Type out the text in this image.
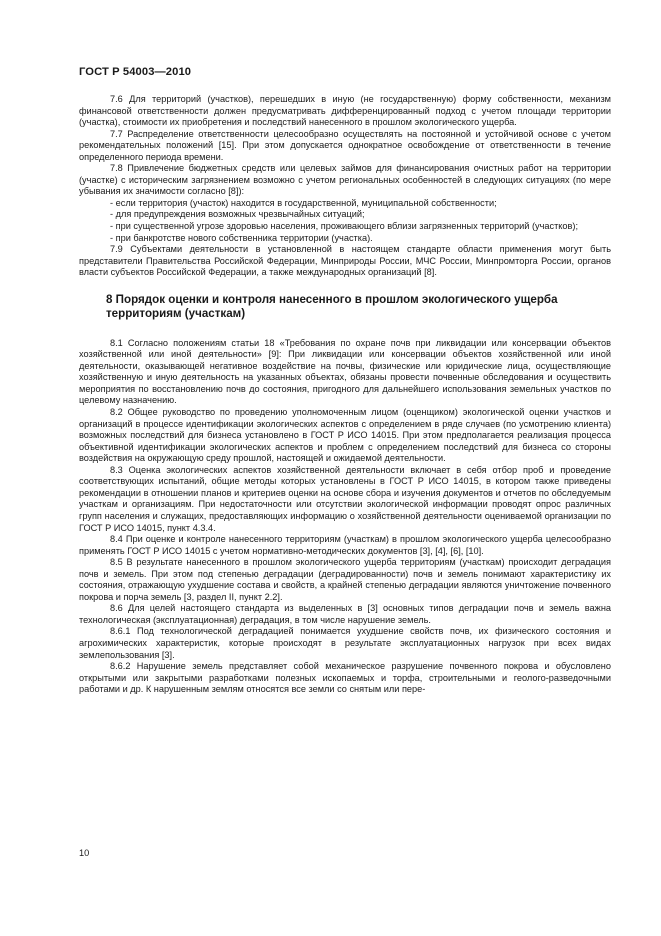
ГОСТ Р 54003—2010

7.6 Для территорий (участков), перешедших в иную (не государственную) форму собственности, механизм финансовой ответственности должен предусматривать дифференцированный подход с учетом площади территории (участка), стоимости их приобретения и последствий нанесенного в прошлом экологического ущерба.

7.7 Распределение ответственности целесообразно осуществлять на постоянной и устойчивой основе с учетом рекомендательных положений [15]. При этом допускается однократное освобождение от ответственности в течение определенного периода времени.

7.8 Привлечение бюджетных средств или целевых займов для финансирования очистных работ на территории (участке) с историческим загрязнением возможно с учетом региональных особенностей в следующих ситуациях (по мере убывания их значимости согласно [8]):

- если территория (участок) находится в государственной, муниципальной собственности;

- для предупреждения возможных чрезвычайных ситуаций;

- при существенной угрозе здоровью населения, проживающего вблизи загрязненных территорий (участков);

- при банкротстве нового собственника территории (участка).

7.9 Субъектами деятельности в установленной в настоящем стандарте области применения могут быть представители Правительства Российской Федерации, Минприроды России, МЧС России, Минпромторга России, органов власти субъектов Российской Федерации, а также международных организаций [8].

8 Порядок оценки и контроля нанесенного в прошлом экологического ущерба территориям (участкам)

8.1 Согласно положениям статьи 18 «Требования по охране почв при ликвидации или консервации объектов хозяйственной или иной деятельности» [9]: При ликвидации или консервации объектов хозяйственной или иной деятельности, оказывающей негативное воздействие на почвы, физические или юридические лица, осуществляющие хозяйственную и иную деятельность на указанных объектах, обязаны провести почвенные обследования и осуществить мероприятия по восстановлению почв до состояния, пригодного для дальнейшего использования земельных участков по целевому назначению.

8.2 Общее руководство по проведению уполномоченным лицом (оценщиком) экологической оценки участков и организаций в процессе идентификации экологических аспектов с определением в ряде случаев (по усмотрению клиента) возможных последствий для бизнеса установлено в ГОСТ Р ИСО 14015. При этом предполагается реализация процесса объективной идентификации экологических аспектов и проблем с определением последствий для бизнеса со стороны воздействия на окружающую среду прошлой, настоящей и ожидаемой деятельности.

8.3 Оценка экологических аспектов хозяйственной деятельности включает в себя отбор проб и проведение соответствующих испытаний, общие методы которых установлены в ГОСТ Р ИСО 14015, в котором также приведены рекомендации в отношении планов и критериев оценки на основе сбора и изучения документов и отчетов по обследуемым участкам и организациям. При недостаточности или отсутствии экологической информации проводят опрос различных групп населения и служащих, предоставляющих информацию о хозяйственной деятельности оцениваемой организации по ГОСТ Р ИСО 14015, пункт 4.3.4.

8.4 При оценке и контроле нанесенного территориям (участкам) в прошлом экологического ущерба целесообразно применять ГОСТ Р ИСО 14015 с учетом нормативно-методических документов [3], [4], [6], [10].

8.5 В результате нанесенного в прошлом экологического ущерба территориям (участкам) происходит деградация почв и земель. При этом под степенью деградации (деградированности) почв и земель понимают характеристику их состояния, отражающую ухудшение состава и свойств, а крайней степенью деградации являются уничтожение почвенного покрова и порча земель [3, раздел II, пункт 2.2].

8.6 Для целей настоящего стандарта из выделенных в [3] основных типов деградации почв и земель важна технологическая (эксплуатационная) деградация, в том числе нарушение земель.

8.6.1 Под технологической деградацией понимается ухудшение свойств почв, их физического состояния и агрохимических характеристик, которые происходят в результате эксплуатационных нагрузок при всех видах землепользования [3].

8.6.2 Нарушение земель представляет собой механическое разрушение почвенного покрова и обусловлено открытыми или закрытыми разработками полезных ископаемых и торфа, строительными и геолого-разведочными работами и др. К нарушенным землям относятся все земли со снятым или пере-

10
